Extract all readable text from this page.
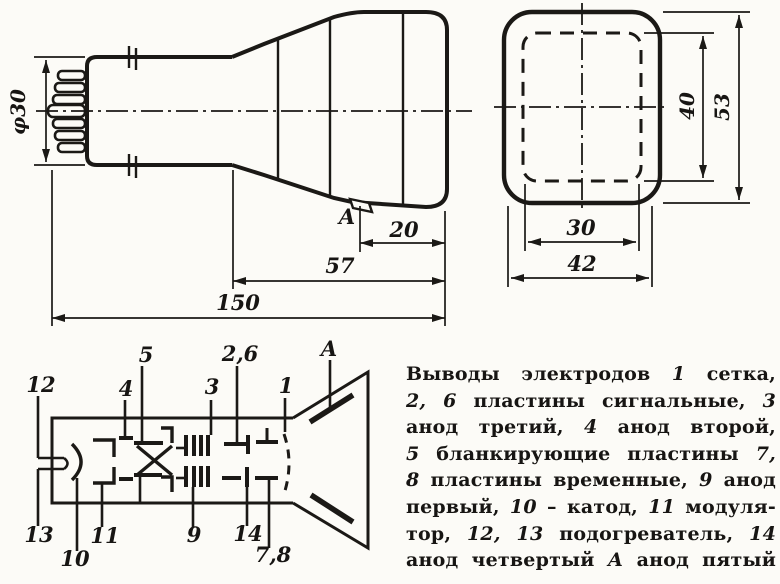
A
φ30
20
57
150
40 53
30
42
12	4
5
3
2,6
1
A
13
10
11	9 14
7,8
Выводы электродов 1 сетка,
2, 6 пластины сигнальные, 3
анод третий, 4 анод второй,
5 бланкирующие пластины 7,
8 пластины временные, 9 анод
первый, 10 – катод, 11 модуля-
тор, 12, 13 подогреватель, 14
анод четвертый А анод пятый
